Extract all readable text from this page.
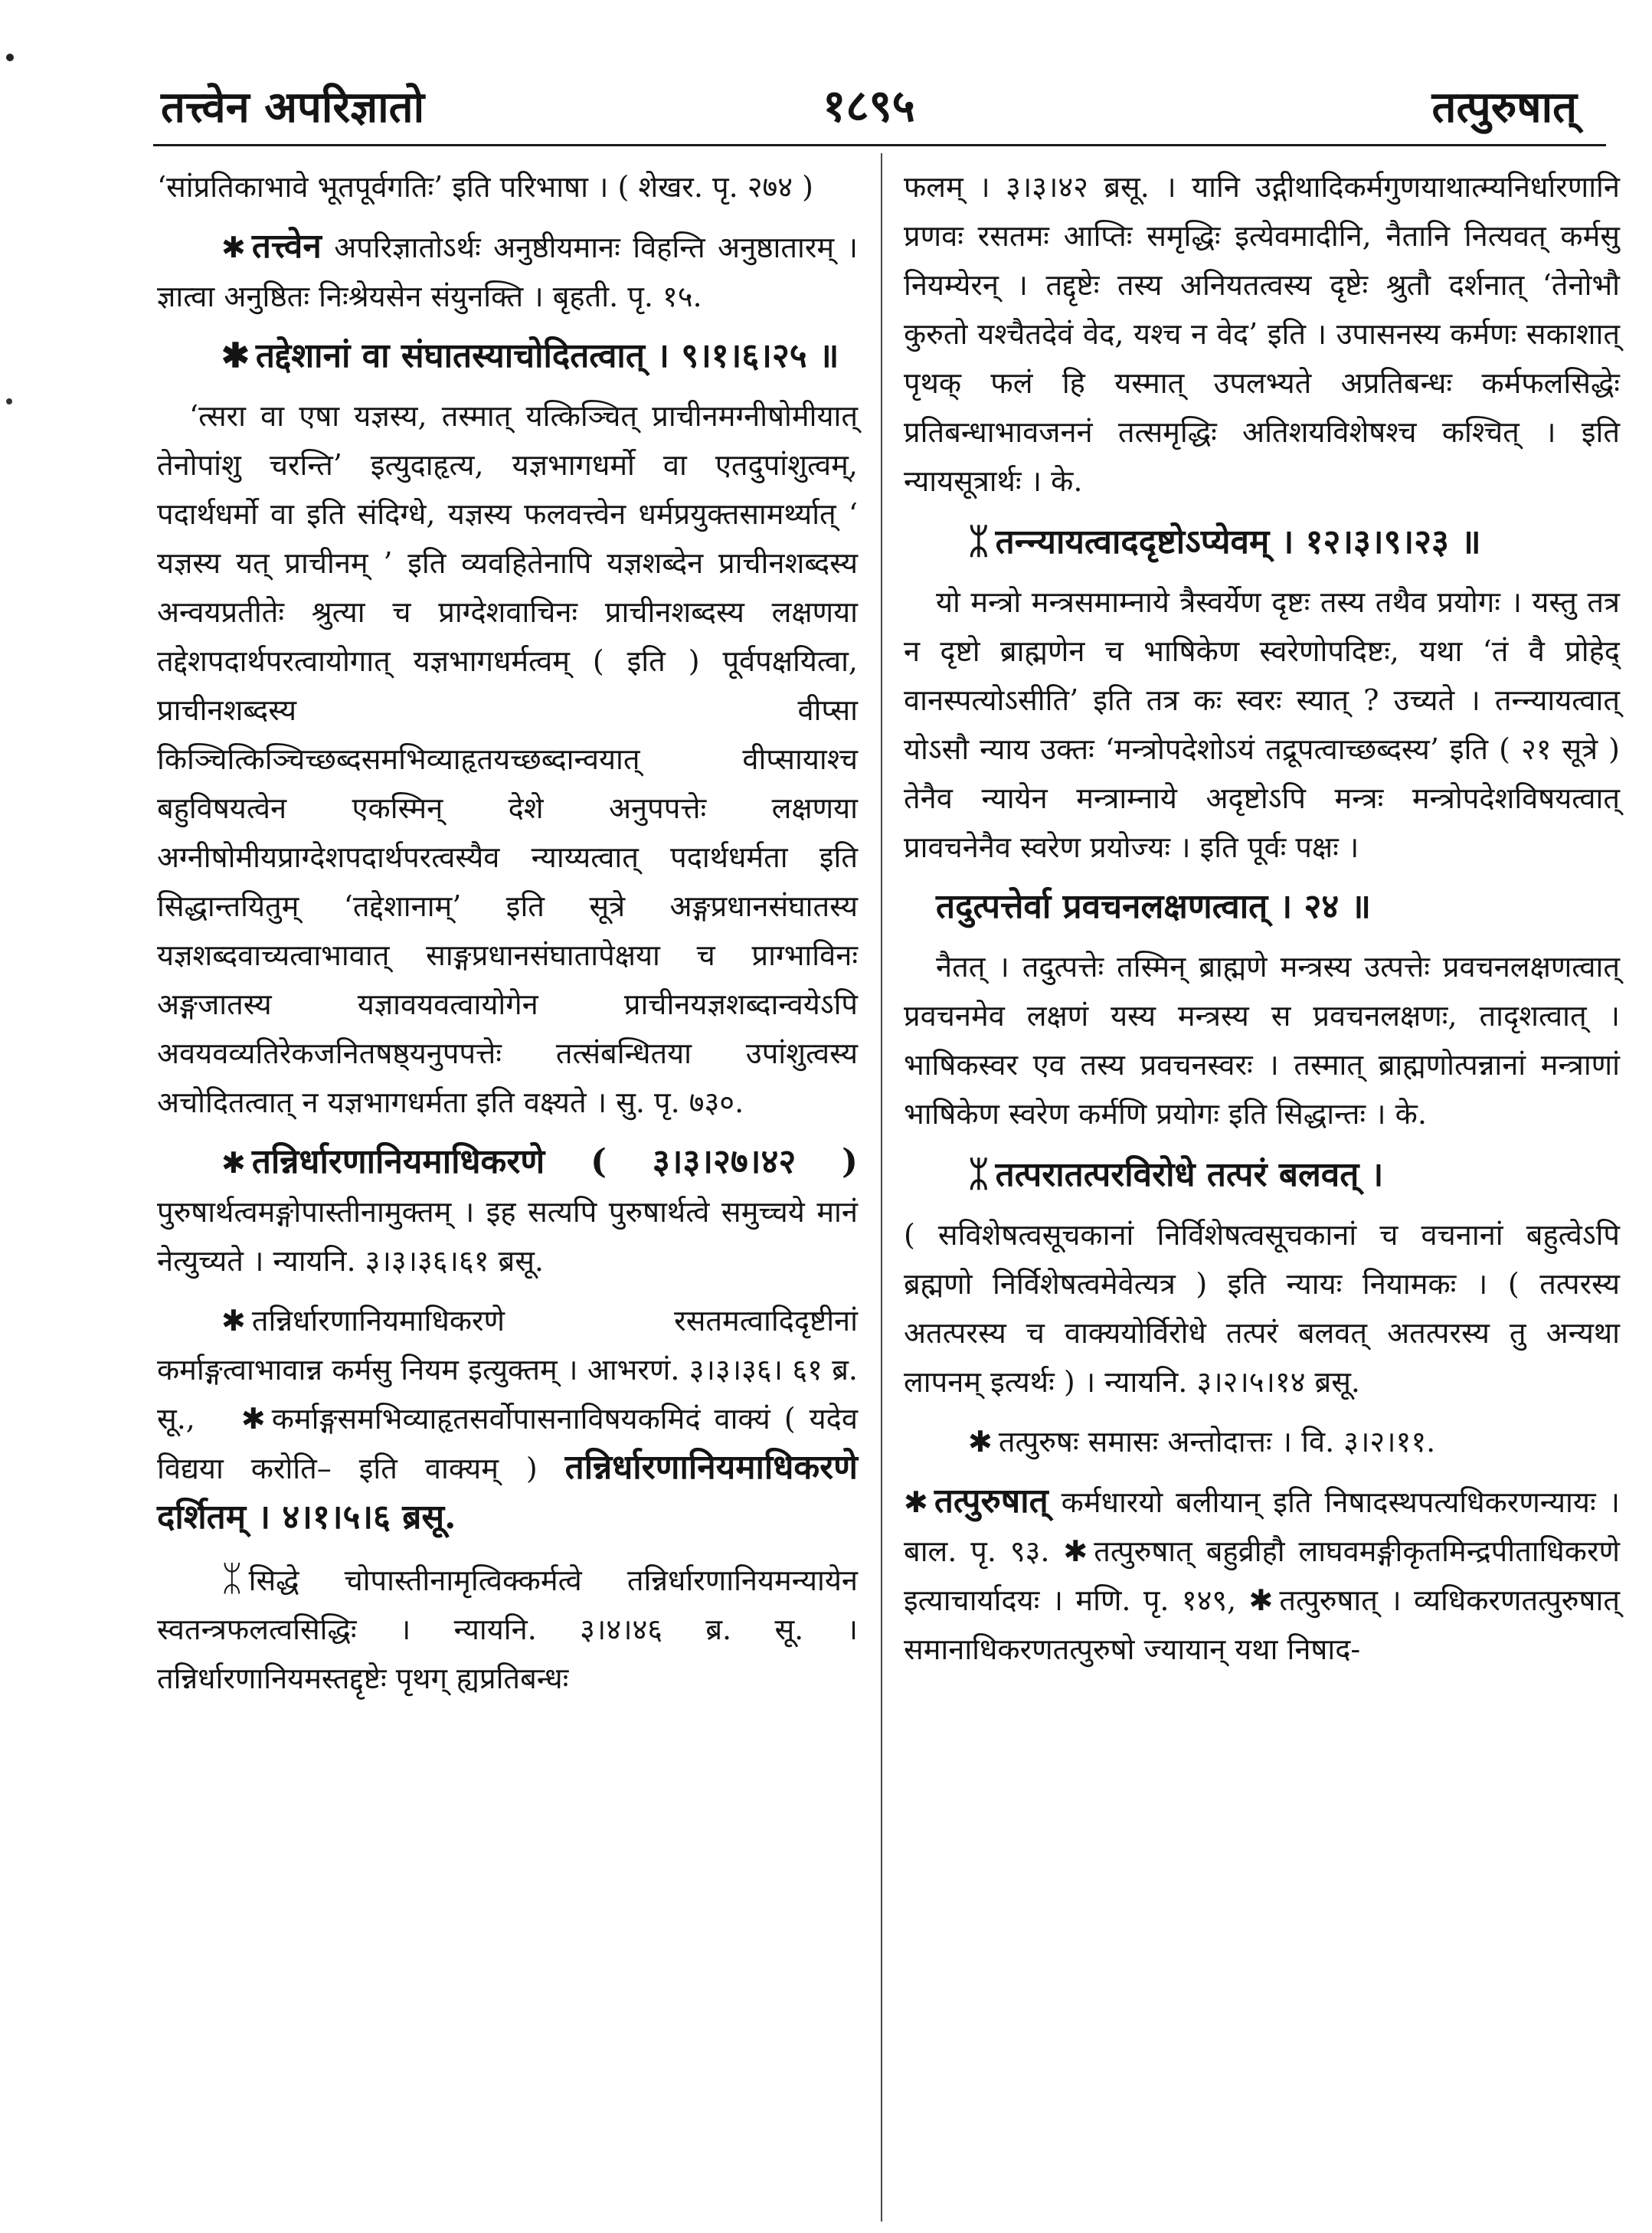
तत्त्वेन अपरिज्ञातो	१८९५	तत्पुरुषात्

‘सांप्रतिकाभावे भूतपूर्वगतिः’ इति परिभाषा । ( शेखर. पृ. २७४ )

✱ तत्त्वेन अपरिज्ञातोऽर्थः अनुष्ठीयमानः विहन्ति अनुष्ठातारम् । ज्ञात्वा अनुष्ठितः निःश्रेयसेन संयुनक्ति । बृहती. पृ. १५.

✱ तद्देशानां वा संघातस्याचोदितत्वात् । ९।१।६।२५ ॥

‘त्सरा वा एषा यज्ञस्य, तस्मात् यत्किञ्चित् प्राचीनमग्नीषोमीयात् तेनोपांशु चरन्ति’ इत्युदाहृत्य, यज्ञभागधर्मो वा एतदुपांशुत्वम्, पदार्थधर्मो वा इति संदिग्धे, यज्ञस्य फलवत्त्वेन धर्मप्रयुक्तसामर्थ्यात् ‘ यज्ञस्य यत् प्राचीनम् ’ इति व्यवहितेनापि यज्ञशब्देन प्राचीनशब्दस्य अन्वयप्रतीतेः श्रुत्या च प्राग्देशवाचिनः प्राचीनशब्दस्य लक्षणया तद्देशपदार्थपरत्वायोगात् यज्ञभागधर्मत्वम् ( इति ) पूर्वपक्षयित्वा, प्राचीनशब्दस्य वीप्सा किञ्चित्किञ्चिच्छब्दसमभिव्याहृतयच्छब्दान्वयात् वीप्सायाश्च बहुविषयत्वेन एकस्मिन् देशे अनुपपत्तेः लक्षणया अग्नीषोमीयप्राग्देशपदार्थपरत्वस्यैव न्याय्यत्वात् पदार्थधर्मता इति सिद्धान्तयितुम् ‘तद्देशानाम्’ इति सूत्रे अङ्गप्रधानसंघातस्य यज्ञशब्दवाच्यत्वाभावात् साङ्गप्रधानसंघातापेक्षया च प्राग्भाविनः अङ्गजातस्य यज्ञावयवत्वायोगेन प्राचीनयज्ञशब्दान्वयेऽपि अवयवव्यतिरेकजनितषष्ठ्यनुपपत्तेः तत्संबन्धितया उपांशुत्वस्य अचोदितत्वात् न यज्ञभागधर्मता इति वक्ष्यते । सु. पृ. ७३०.

✱ तन्निर्धारणानियमाधिकरणे ( ३।३।२७।४२ ) पुरुषार्थत्वमङ्गोपास्तीनामुक्तम् । इह सत्यपि पुरुषार्थत्वे समुच्चये मानं नेत्युच्यते । न्यायनि. ३।३।३६।६१ ब्रसू.

✱ तन्निर्धारणानियमाधिकरणे रसतमत्वादिदृष्टीनां कर्माङ्गत्वाभावान्न कर्मसु नियम इत्युक्तम् । आभरणं. ३।३।३६। ६१ ब्र. सू., ✱ कर्माङ्गसमभिव्याहृतसर्वोपासनाविषयकमिदं वाक्यं ( यदेव विद्यया करोति– इति वाक्यम् ) तन्निर्धारणानियमाधिकरणे दर्शितम् । ४।१।५।६ ब्रसू.

ᛯ सिद्धे चोपास्तीनामृत्विक्कर्मत्वे तन्निर्धारणानियमन्यायेन स्वतन्त्रफलत्वसिद्धिः । न्यायनि. ३।४।४६ ब्र. सू. । तन्निर्धारणानियमस्तद्दृष्टेः पृथग् ह्यप्रतिबन्धः

फलम् । ३।३।४२ ब्रसू. । यानि उद्गीथादिकर्मगुणयाथात्म्यनिर्धारणानि प्रणवः रसतमः आप्तिः समृद्धिः इत्येवमादीनि, नैतानि नित्यवत् कर्मसु नियम्येरन् । तद्दृष्टेः तस्य अनियतत्वस्य दृष्टेः श्रुतौ दर्शनात् ‘तेनोभौ कुरुतो यश्चैतदेवं वेद, यश्च न वेद’ इति । उपासनस्य कर्मणः सकाशात् पृथक् फलं हि यस्मात् उपलभ्यते अप्रतिबन्धः कर्मफलसिद्धेः प्रतिबन्धाभावजननं तत्समृद्धिः अतिशयविशेषश्च कश्चित् । इति न्यायसूत्रार्थः । के.

ᛯ तन्न्यायत्वाददृष्टोऽप्येवम् । १२।३।९।२३ ॥

यो मन्त्रो मन्त्रसमाम्नाये त्रैस्वर्येण दृष्टः तस्य तथैव प्रयोगः । यस्तु तत्र न दृष्टो ब्राह्मणेन च भाषिकेण स्वरेणोपदिष्टः, यथा ‘तं वै प्रोहेद् वानस्पत्योऽसीति’ इति तत्र कः स्वरः स्यात् ? उच्यते । तन्न्यायत्वात् योऽसौ न्याय उक्तः ‘मन्त्रोपदेशोऽयं तद्रूपत्वाच्छब्दस्य’ इति ( २१ सूत्रे ) तेनैव न्यायेन मन्त्राम्नाये अदृष्टोऽपि मन्त्रः मन्त्रोपदेशविषयत्वात् प्रावचनेनैव स्वरेण प्रयोज्यः । इति पूर्वः पक्षः ।

तदुत्पत्तेर्वा प्रवचनलक्षणत्वात् । २४ ॥

नैतत् । तदुत्पत्तेः तस्मिन् ब्राह्मणे मन्त्रस्य उत्पत्तेः प्रवचनलक्षणत्वात् प्रवचनमेव लक्षणं यस्य मन्त्रस्य स प्रवचनलक्षणः, तादृशत्वात् । भाषिकस्वर एव तस्य प्रवचनस्वरः । तस्मात् ब्राह्मणोत्पन्नानां मन्त्राणां भाषिकेण स्वरेण कर्मणि प्रयोगः इति सिद्धान्तः । के.

ᛯ तत्परातत्परविरोधे तत्परं बलवत् ।

( सविशेषत्वसूचकानां निर्विशेषत्वसूचकानां च वचनानां बहुत्वेऽपि ब्रह्मणो निर्विशेषत्वमेवेत्यत्र ) इति न्यायः नियामकः । ( तत्परस्य अतत्परस्य च वाक्ययोर्विरोधे तत्परं बलवत् अतत्परस्य तु अन्यथा लापनम् इत्यर्थः ) । न्यायनि. ३।२।५।१४ ब्रसू.

✱ तत्पुरुषः समासः अन्तोदात्तः । वि. ३।२।११.

✱ तत्पुरुषात् कर्मधारयो बलीयान् इति निषादस्थपत्यधिकरणन्यायः । बाल. पृ. ९३. ✱ तत्पुरुषात् बहुव्रीहौ लाघवमङ्गीकृतमिन्द्रपीताधिकरणे इत्याचार्यादयः । मणि. पृ. १४९, ✱ तत्पुरुषात् । व्यधिकरणतत्पुरुषात् समानाधिकरणतत्पुरुषो ज्यायान् यथा निषाद-
